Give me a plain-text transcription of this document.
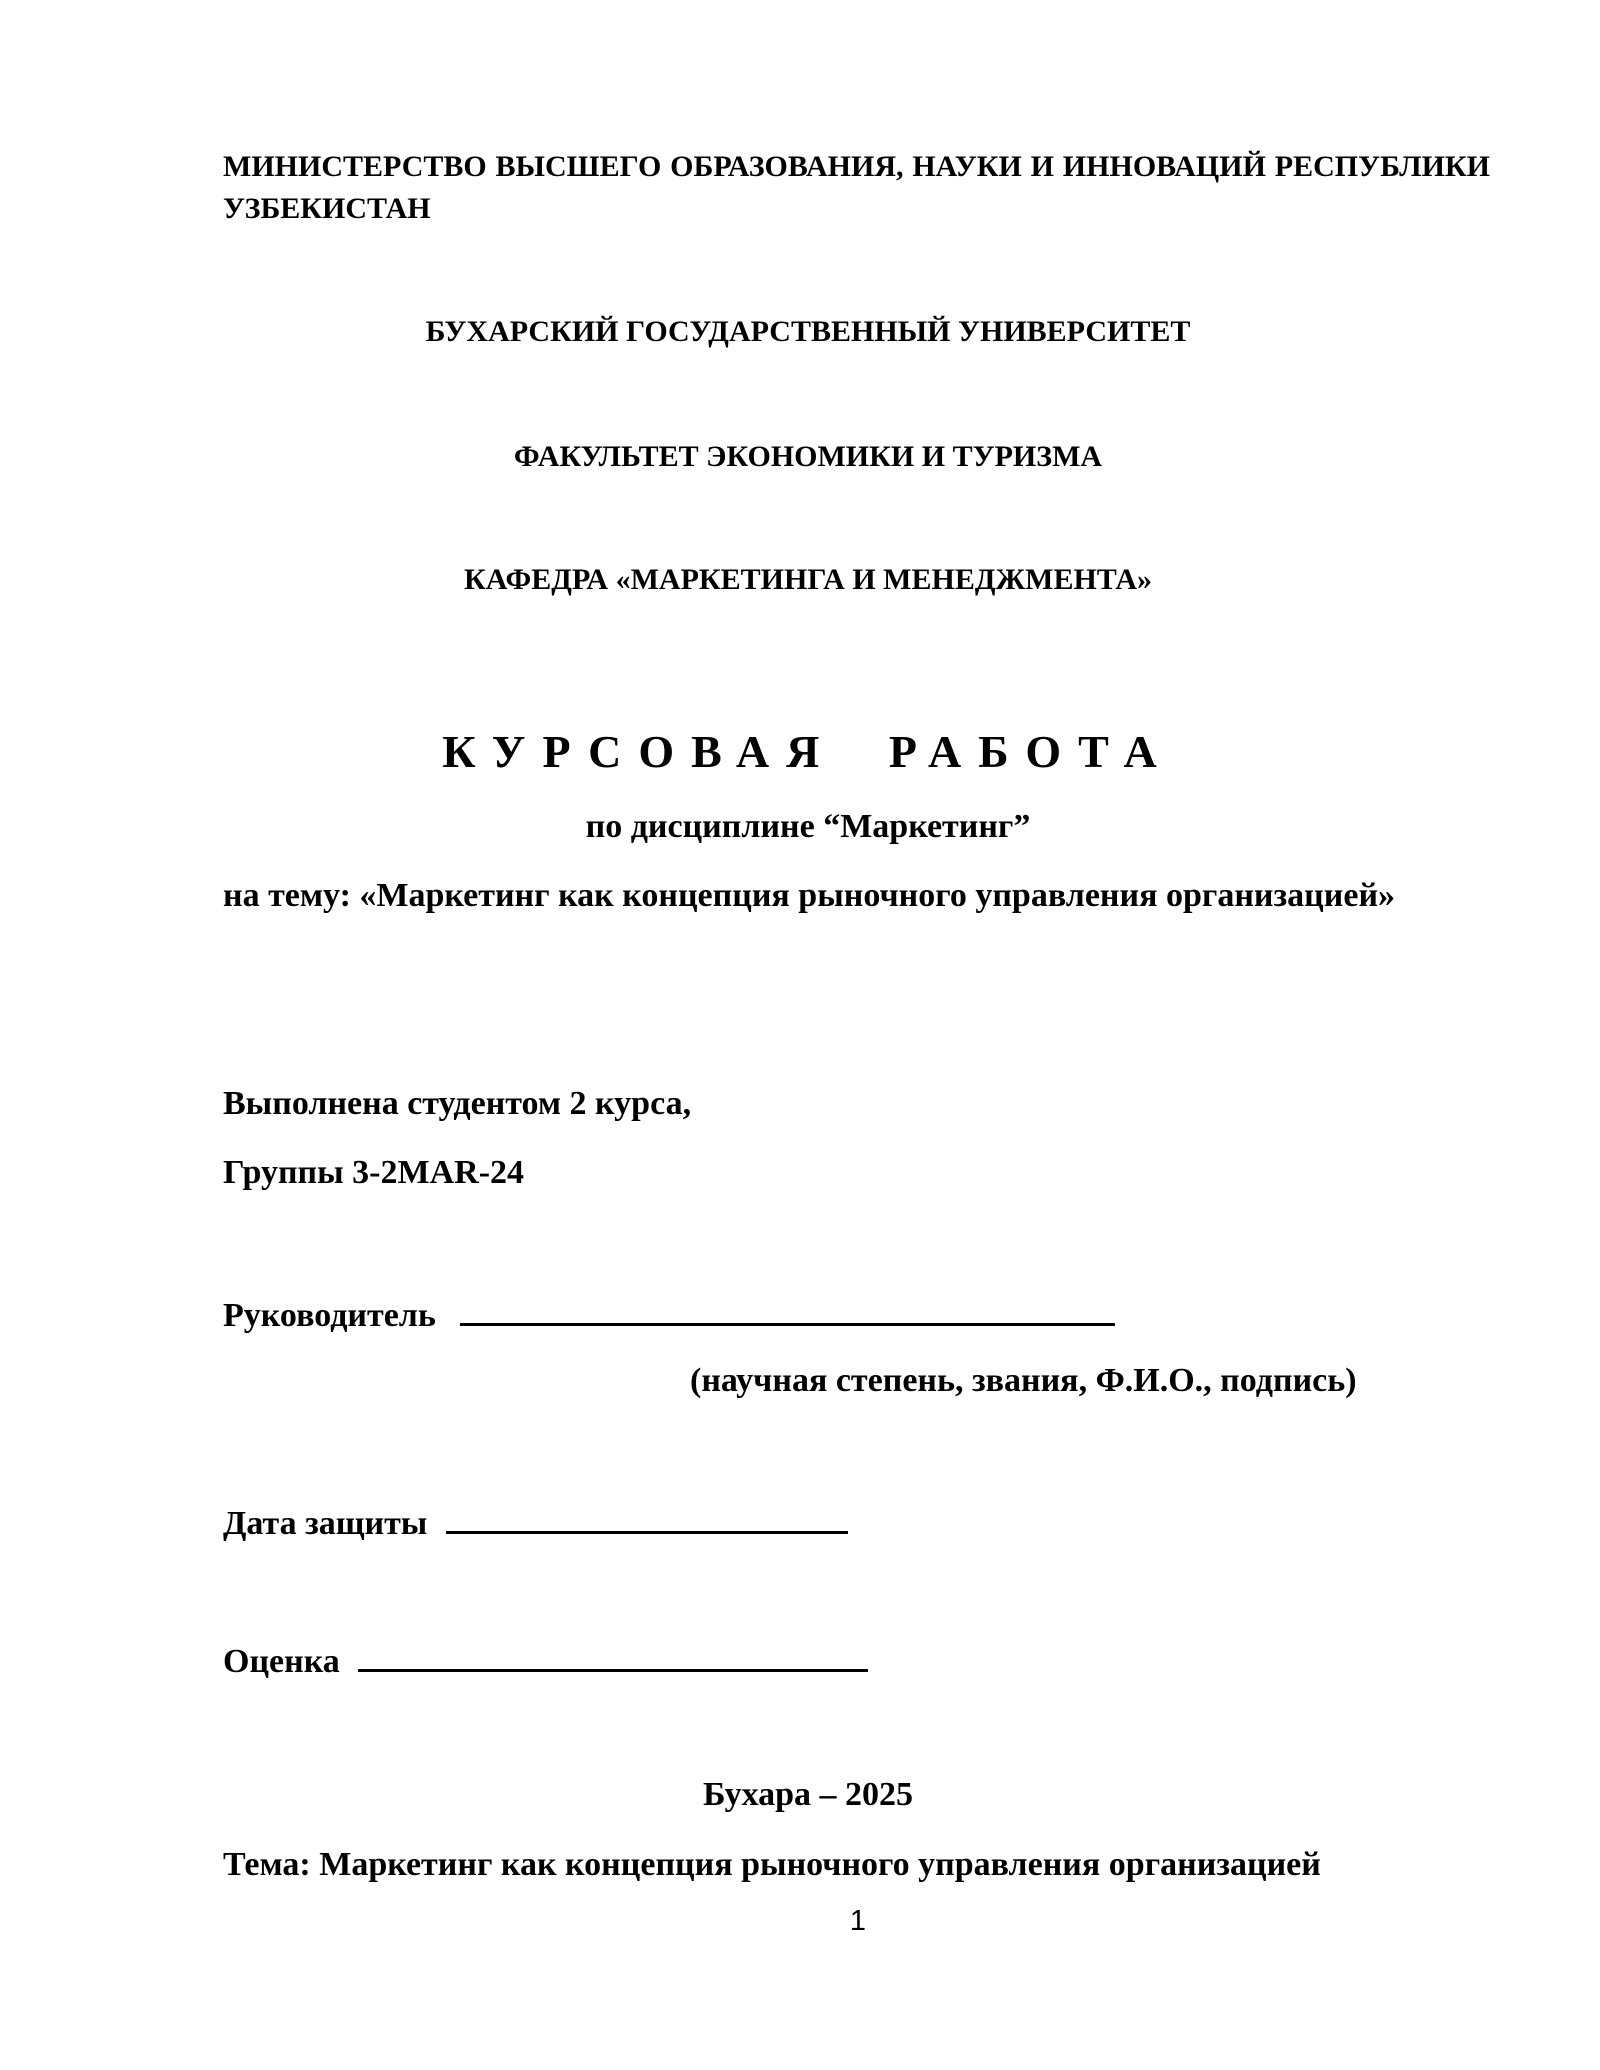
МИНИСТЕРСТВО ВЫСШЕГО ОБРАЗОВАНИЯ, НАУКИ И ИННОВАЦИЙ РЕСПУБЛИКИ УЗБЕКИСТАН
БУХАРСКИЙ ГОСУДАРСТВЕННЫЙ УНИВЕРСИТЕТ
ФАКУЛЬТЕТ ЭКОНОМИКИ И ТУРИЗМА
КАФЕДРА «МАРКЕТИНГА И МЕНЕДЖМЕНТА»
КУРСОВАЯ РАБОТА
по дисциплине “Маркетинг”
на тему: «Маркетинг как концепция рыночного управления организацией»
Выполнена студентом 2 курса,
Группы 3-2MAR-24
Руководитель
(научная степень, звания, Ф.И.О., подпись)
Дата защиты
Оценка
Бухара – 2025
Тема: Маркетинг как концепция рыночного управления организацией
1
